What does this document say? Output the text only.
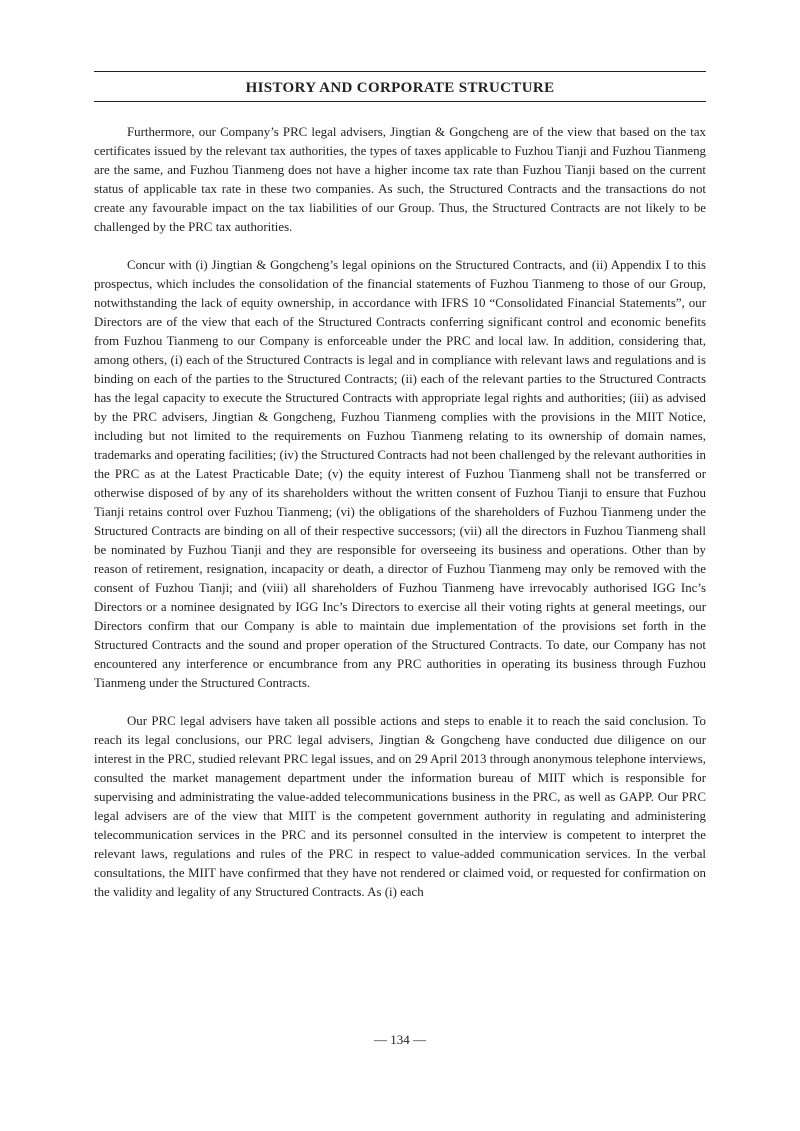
HISTORY AND CORPORATE STRUCTURE

Furthermore, our Company’s PRC legal advisers, Jingtian & Gongcheng are of the view that based on the tax certificates issued by the relevant tax authorities, the types of taxes applicable to Fuzhou Tianji and Fuzhou Tianmeng are the same, and Fuzhou Tianmeng does not have a higher income tax rate than Fuzhou Tianji based on the current status of applicable tax rate in these two companies. As such, the Structured Contracts and the transactions do not create any favourable impact on the tax liabilities of our Group. Thus, the Structured Contracts are not likely to be challenged by the PRC tax authorities.

Concur with (i) Jingtian & Gongcheng’s legal opinions on the Structured Contracts, and (ii) Appendix I to this prospectus, which includes the consolidation of the financial statements of Fuzhou Tianmeng to those of our Group, notwithstanding the lack of equity ownership, in accordance with IFRS 10 “Consolidated Financial Statements”, our Directors are of the view that each of the Structured Contracts conferring significant control and economic benefits from Fuzhou Tianmeng to our Company is enforceable under the PRC and local law. In addition, considering that, among others, (i) each of the Structured Contracts is legal and in compliance with relevant laws and regulations and is binding on each of the parties to the Structured Contracts; (ii) each of the relevant parties to the Structured Contracts has the legal capacity to execute the Structured Contracts with appropriate legal rights and authorities; (iii) as advised by the PRC advisers, Jingtian & Gongcheng, Fuzhou Tianmeng complies with the provisions in the MIIT Notice, including but not limited to the requirements on Fuzhou Tianmeng relating to its ownership of domain names, trademarks and operating facilities; (iv) the Structured Contracts had not been challenged by the relevant authorities in the PRC as at the Latest Practicable Date; (v) the equity interest of Fuzhou Tianmeng shall not be transferred or otherwise disposed of by any of its shareholders without the written consent of Fuzhou Tianji to ensure that Fuzhou Tianji retains control over Fuzhou Tianmeng; (vi) the obligations of the shareholders of Fuzhou Tianmeng under the Structured Contracts are binding on all of their respective successors; (vii) all the directors in Fuzhou Tianmeng shall be nominated by Fuzhou Tianji and they are responsible for overseeing its business and operations. Other than by reason of retirement, resignation, incapacity or death, a director of Fuzhou Tianmeng may only be removed with the consent of Fuzhou Tianji; and (viii) all shareholders of Fuzhou Tianmeng have irrevocably authorised IGG Inc’s Directors or a nominee designated by IGG Inc’s Directors to exercise all their voting rights at general meetings, our Directors confirm that our Company is able to maintain due implementation of the provisions set forth in the Structured Contracts and the sound and proper operation of the Structured Contracts. To date, our Company has not encountered any interference or encumbrance from any PRC authorities in operating its business through Fuzhou Tianmeng under the Structured Contracts.

Our PRC legal advisers have taken all possible actions and steps to enable it to reach the said conclusion. To reach its legal conclusions, our PRC legal advisers, Jingtian & Gongcheng have conducted due diligence on our interest in the PRC, studied relevant PRC legal issues, and on 29 April 2013 through anonymous telephone interviews, consulted the market management department under the information bureau of MIIT which is responsible for supervising and administrating the value-added telecommunications business in the PRC, as well as GAPP. Our PRC legal advisers are of the view that MIIT is the competent government authority in regulating and administering telecommunication services in the PRC and its personnel consulted in the interview is competent to interpret the relevant laws, regulations and rules of the PRC in respect to value-added communication services. In the verbal consultations, the MIIT have confirmed that they have not rendered or claimed void, or requested for confirmation on the validity and legality of any Structured Contracts. As (i) each

— 134 —
